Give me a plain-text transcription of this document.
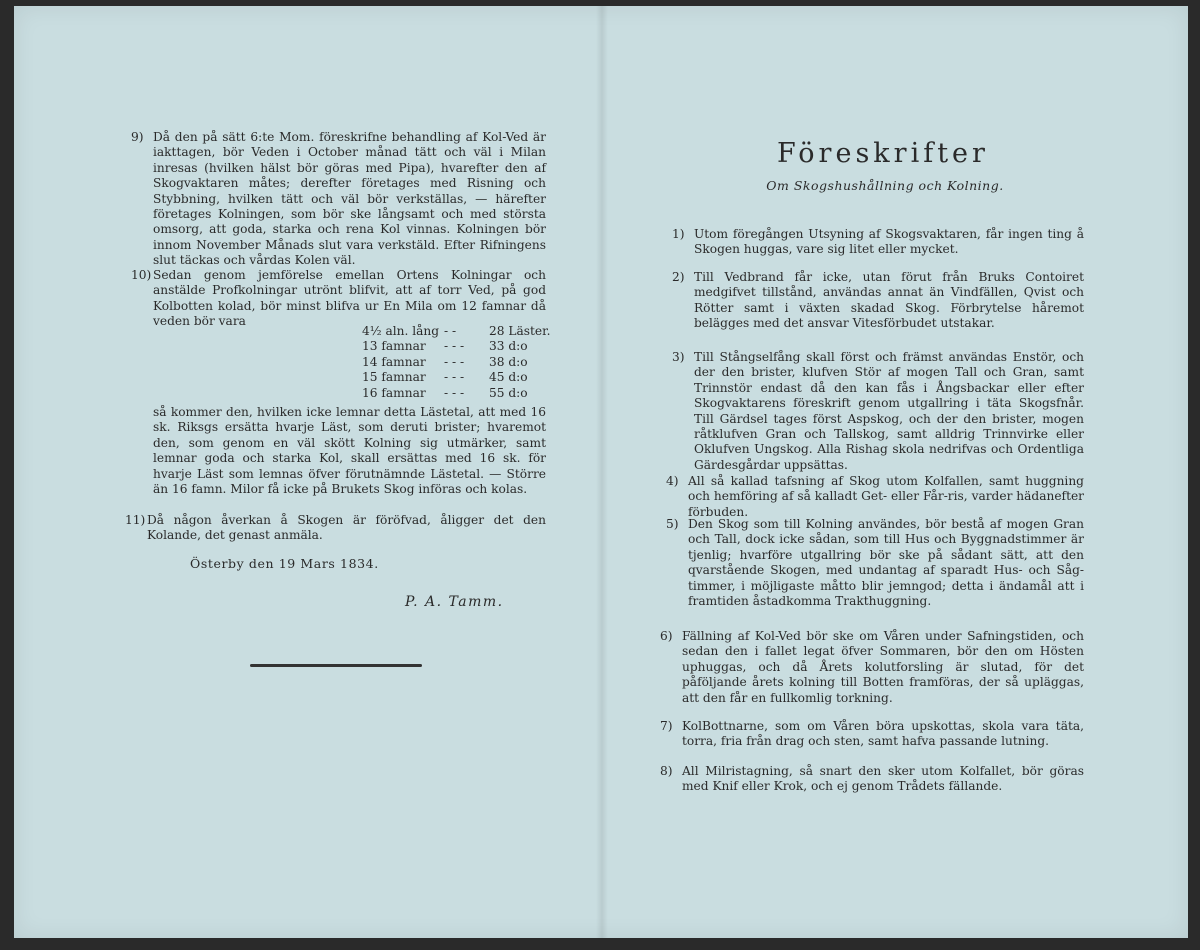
9) Då den på sätt 6:te Mom. föreskrifne behandling af Kol-Ved är iakttagen, bör Veden i October månad tätt och väl i Milan inresas (hvilken hälst bör göras med Pipa), hvarefter den af Skogvaktaren måtes; derefter företages med Risning och Stybbning, hvilken tätt och väl bör verkställas, — härefter företages Kolningen, som bör ske långsamt och med största omsorg, att goda, starka och rena Kol vinnas. Kolningen bör innom November Månads slut vara verkstäld. Efter Rifningens slut täckas och vårdas Kolen väl.
10) Sedan genom jemförelse emellan Ortens Kolningar och anstälde Profkolningar utrönt blifvit, att af torr Ved, på god Kolbotten kolad, bör minst blifva ur En Mila om 12 famnar då veden bör vara
4½ aln. lång - -	28 Läster.
13 famnar	- - -	33 d:o
14 famnar	- - -	38 d:o
15 famnar	- - -	45 d:o
16 famnar	- - -	55 d:o
så kommer den, hvilken icke lemnar detta Lästetal, att med 16 sk. Riksgs ersätta hvarje Läst, som deruti brister; hvaremot den, som genom en väl skött Kolning sig utmärker, samt lemnar goda och starka Kol, skall ersättas med 16 sk. för hvarje Läst som lemnas öfver förutnämnde Lästetal. — Större än 16 famn. Milor få icke på Brukets Skog införas och kolas.
11) Då någon åverkan å Skogen är föröfvad, åligger det den Kolande, det genast anmäla.
Österby den 19 Mars 1834.
P. A. Tamm.
Föreskrifter
Om Skogshushållning och Kolning.
1) Utom föregången Utsyning af Skogsvaktaren, får ingen ting å Skogen huggas, vare sig litet eller mycket.
2) Till Vedbrand får icke, utan förut från Bruks Contoiret medgifvet tillstånd, användas annat än Vindfällen, Qvist och Rötter samt i växten skadad Skog. Förbrytelse håremot belägges med det ansvar Vitesförbudet utstakar.
3) Till Stångselfång skall först och främst användas Enstör, och der den brister, klufven Stör af mogen Tall och Gran, samt Trinnstör endast då den kan fås i Ångsbackar eller efter Skogvaktarens föreskrift genom utgallring i täta Skogsfnår. Till Gärdsel tages först Aspskog, och der den brister, mogen råtklufven Gran och Tallskog, samt alldrig Trinnvirke eller Oklufven Ungskog. Alla Rishag skola nedrifvas och Ordentliga Gärdesgårdar uppsättas.
4) All så kallad tafsning af Skog utom Kolfallen, samt huggning och hemföring af så kalladt Get- eller Får-ris, varder hädanefter förbuden.
5) Den Skog som till Kolning användes, bör bestå af mogen Gran och Tall, dock icke sådan, som till Hus och Byggnadstimmer är tjenlig; hvarföre utgallring bör ske på sådant sätt, att den qvarstående Skogen, med undantag af sparadt Hus- och Såg-timmer, i möjligaste måtto blir jemngod; detta i ändamål att i framtiden åstadkomma Trakthuggning.
6) Fällning af Kol-Ved bör ske om Våren under Safningstiden, och sedan den i fallet legat öfver Sommaren, bör den om Hösten uphuggas, och då Årets kolutforsling är slutad, för det påföljande årets kolning till Botten framföras, der så upläggas, att den får en fullkomlig torkning.
7) KolBottnarne, som om Våren böra upskottas, skola vara täta, torra, fria från drag och sten, samt hafva passande lutning.
8) All Milristagning, så snart den sker utom Kolfallet, bör göras med Knif eller Krok, och ej genom Trådets fällande.
